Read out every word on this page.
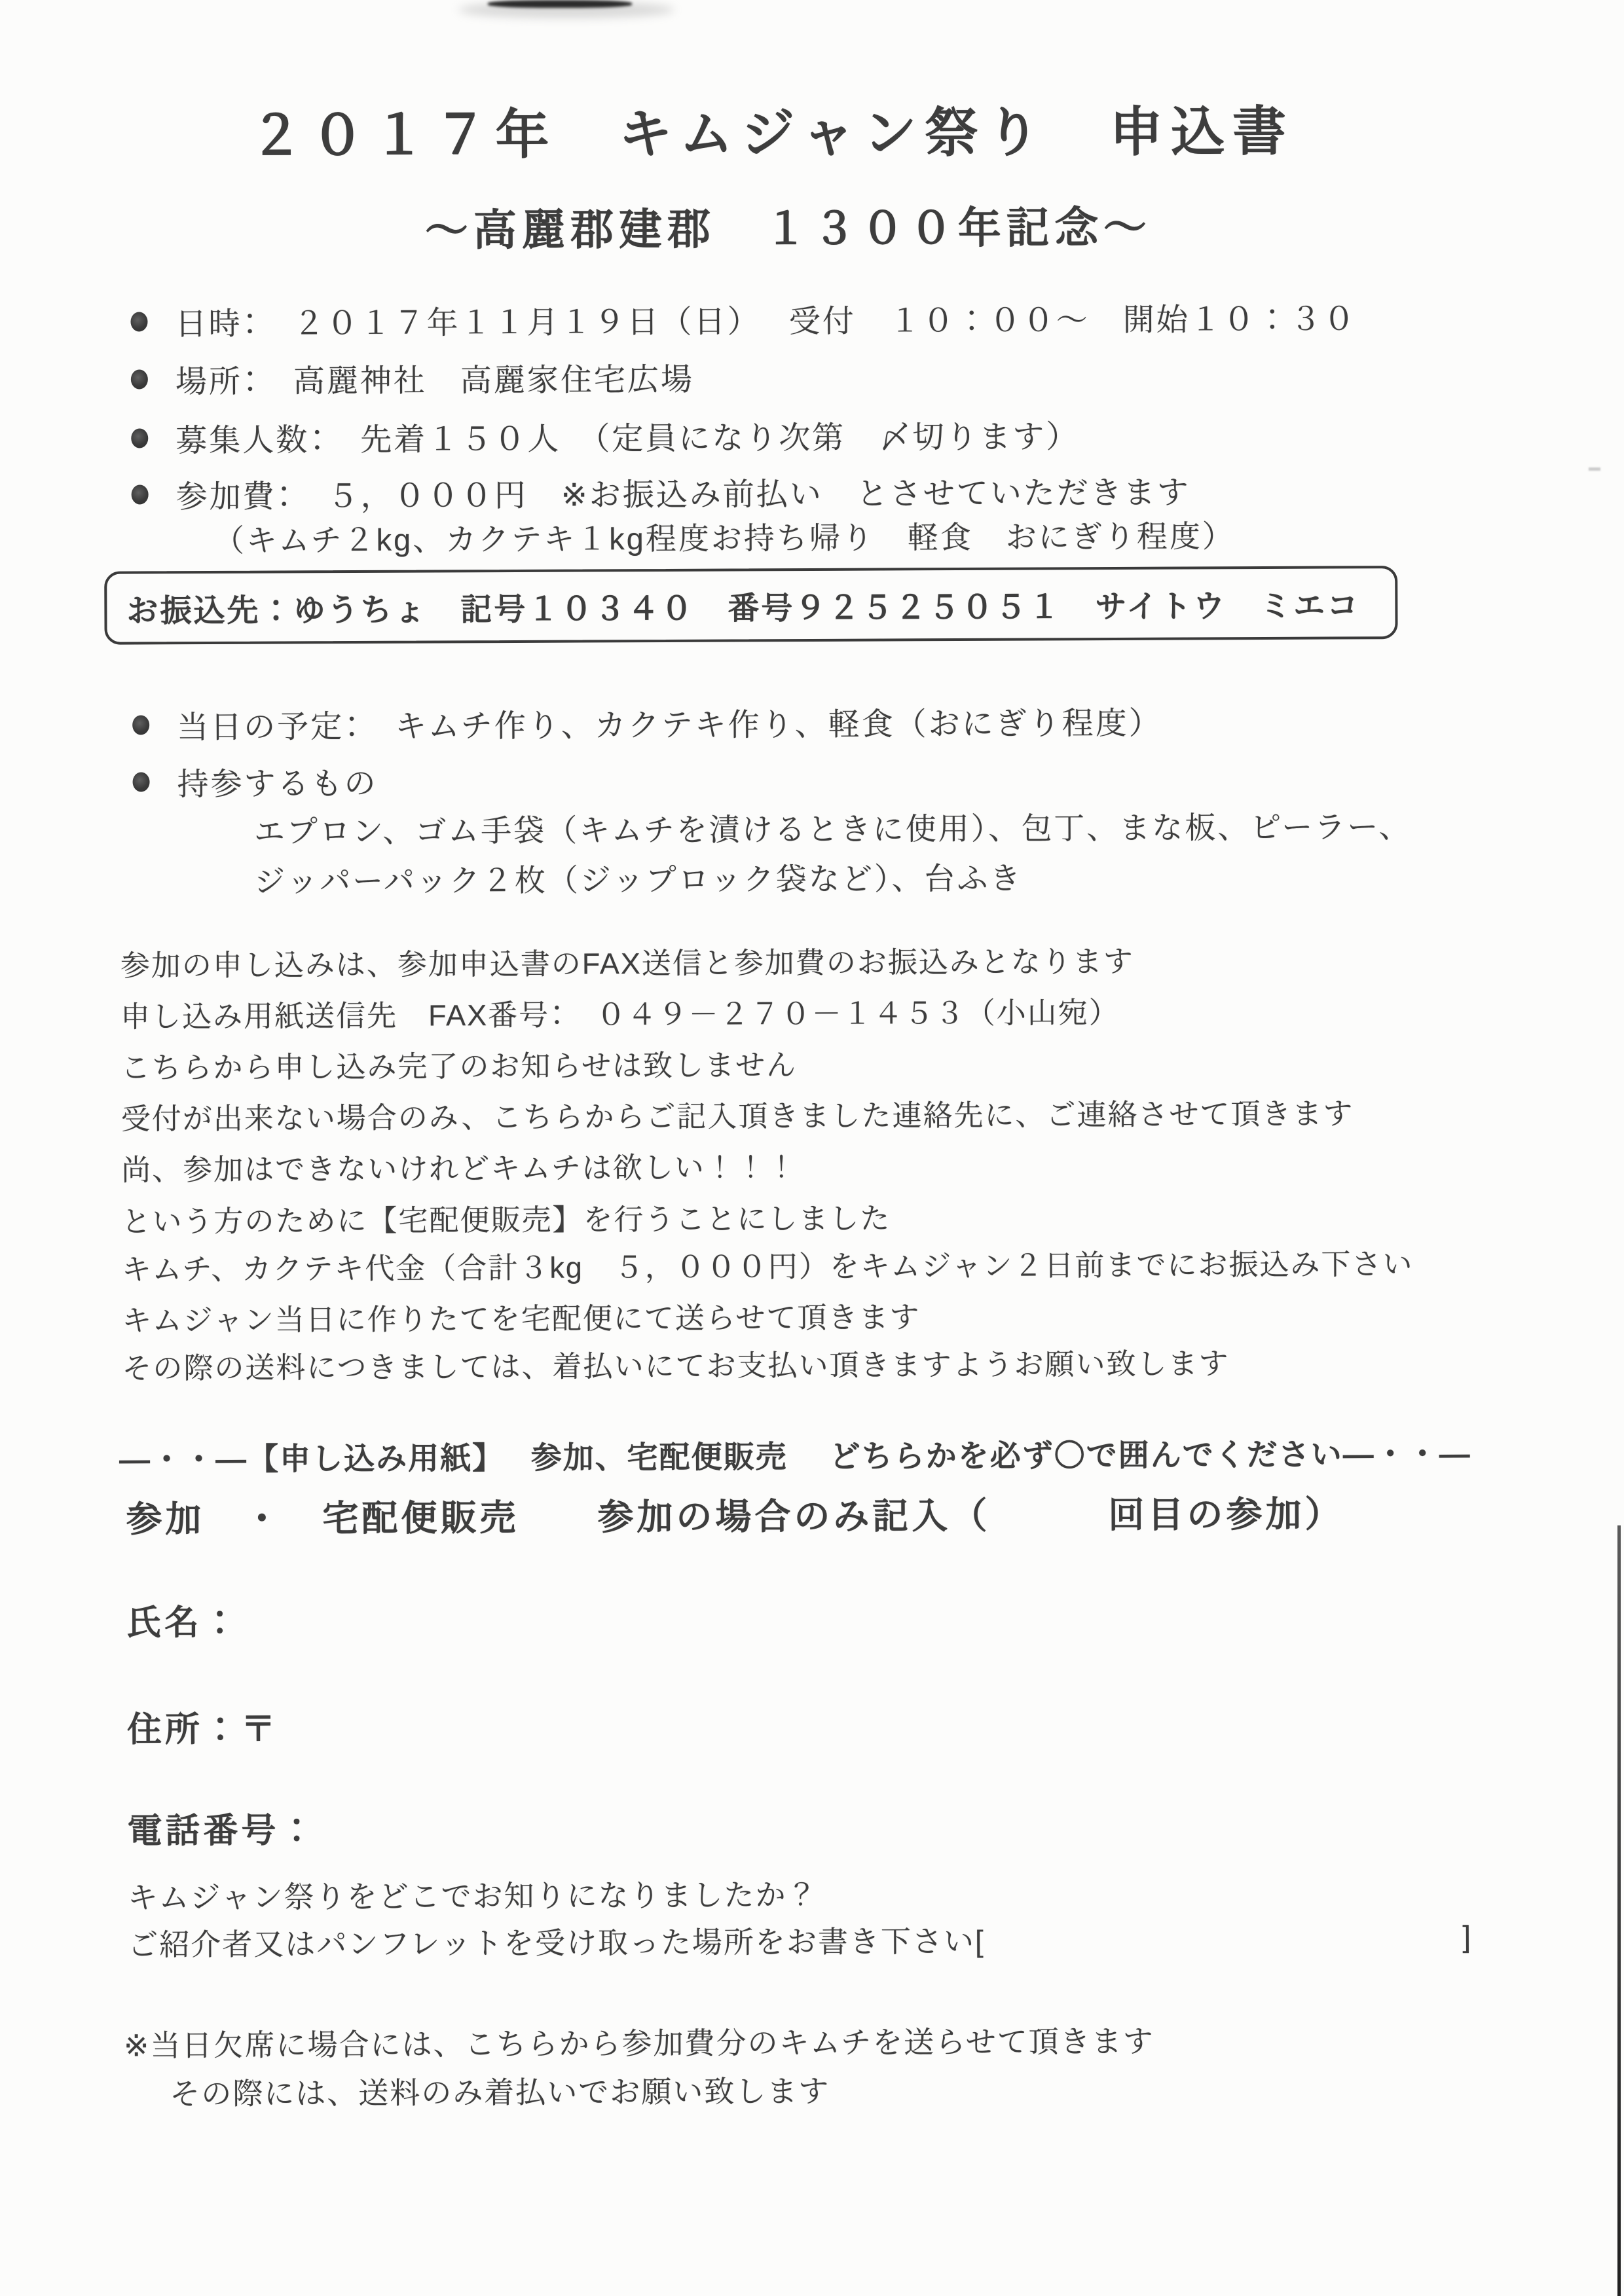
２０１７年　キムジャン祭り　申込書
～高麗郡建郡　１３００年記念～
日時：　２０１７年１１月１９日（日）　 受付　１０：００～　開始１０：３０
場所：　高麗神社　高麗家住宅広場
募集人数：　先着１５０人　（定員になり次第　〆切ります）
参加費：　５，０００円　※お振込み前払い　とさせていただきます
（キムチ２kg、カクテキ１kg程度お持ち帰り　軽食　おにぎり程度）
お振込先：ゆうちょ　記号１０３４０　番号９２５２５０５１　サイトウ　ミエコ
当日の予定：　キムチ作り、カクテキ作り、軽食（おにぎり程度）
持参するもの
エプロン、ゴム手袋（キムチを漬けるときに使用）、包丁、まな板、ピーラー、
ジッパーパック２枚（ジップロック袋など）、台ふき
参加の申し込みは、参加申込書のFAX送信と参加費のお振込みとなります
申し込み用紙送信先　FAX番号：　０４９－２７０－１４５３（小山宛）
こちらから申し込み完了のお知らせは致しません
受付が出来ない場合のみ、こちらからご記入頂きました連絡先に、ご連絡させて頂きます
尚、参加はできないけれどキムチは欲しい！！！
という方のために【宅配便販売】を行うことにしました
キムチ、カクテキ代金（合計３kg　５，０００円）をキムジャン２日前までにお振込み下さい
キムジャン当日に作りたてを宅配便にて送らせて頂きます
その際の送料につきましては、着払いにてお支払い頂きますようお願い致します
—・・—【申し込み用紙】　 参加、宅配便販売　 どちらかを必ず〇で囲んでください—・・—
参加　・　宅配便販売　　参加の場合のみ記入（　　　回目の参加）
氏名：
住所：〒
電話番号：
キムジャン祭りをどこでお知りになりましたか？
ご紹介者又はパンフレットを受け取った場所をお書き下さい[	]
※当日欠席に場合には、こちらから参加費分のキムチを送らせて頂きます
その際には、送料のみ着払いでお願い致します
